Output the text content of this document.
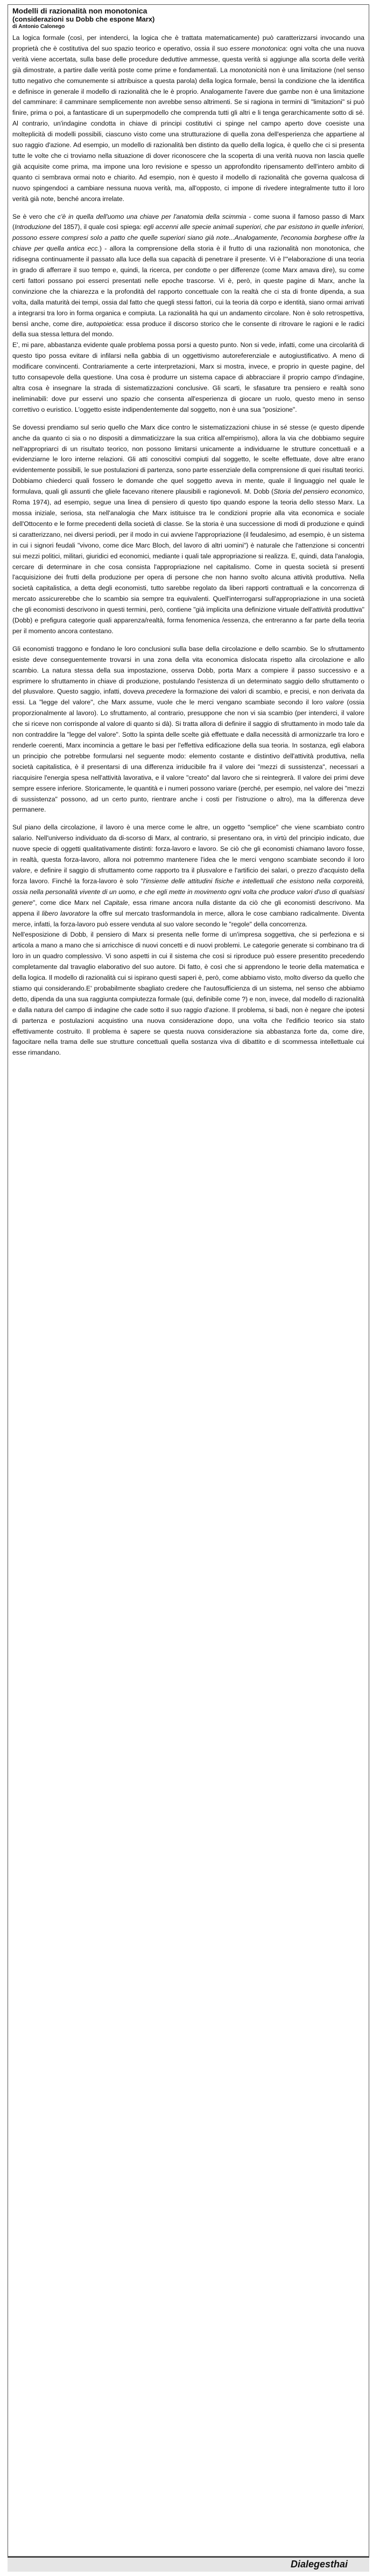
Modelli di razionalità non monotonica
(considerazioni su Dobb che espone Marx)
di Antonio Calonego

La logica formale (così, per intenderci, la logica che è trattata matematicamente) può caratterizzarsi invocando una proprietà che è costitutiva del suo spazio teorico e operativo, ossia il suo essere monotonica: ogni volta che una nuova verità viene accertata, sulla base delle procedure deduttive ammesse, questa verità si aggiunge alla scorta delle verità già dimostrate, a partire dalle verità poste come prime e fondamentali. La monotonicità non è una limitazione (nel senso tutto negativo che comunemente si attribuisce a questa parola) della logica formale, bensì la condizione che la identifica e definisce in generale il modello di razionalità che le è proprio. Analogamente l'avere due gambe non è una limitazione del camminare: il camminare semplicemente non avrebbe senso altrimenti. Se si ragiona in termini di "limitazioni" si può finire, prima o poi, a fantasticare di un superpmodello che comprenda tutti gli altri e li tenga gerarchicamente sotto di sé. Al contrario, un'indagine condotta in chiave di principi costitutivi ci spinge nel campo aperto dove coesiste una molteplicità di modelli possibili, ciascuno visto come una strutturazione di quella zona dell'esperienza che appartiene al suo raggio d'azione. Ad esempio, un modello di razionalità ben distinto da quello della logica, è quello che ci si presenta tutte le volte che ci troviamo nella situazione di dover riconoscere che la scoperta di una verità nuova non lascia quelle già acquisite come prima, ma impone una loro revisione e spesso un approfondito ripensamento dell'intero ambito di quanto ci sembrava ormai noto e chiarito. Ad esempio, non è questo il modello di razionalità che governa qualcosa di nuovo spingendoci a cambiare nessuna nuova verità, ma, all'opposto, ci impone di rivedere integralmente tutto il loro verità già note, benché ancora irrelate.

Se è vero che c'è in quella dell'uomo una chiave per l'anatomia della scimmia - come suona il famoso passo di Marx (Introduzione del 1857), il quale così spiega: egli accenni alle specie animali superiori, che par esistono in quelle inferiori, possono essere compresi solo a patto che quelle superiori siano già note...Analogamente, l'economia borghese offre la chiave per quella antica ecc.) - allora la comprensione della storia è il frutto di una razionalità non monotonica, che ridisegna continuamente il passato alla luce della sua capacità di penetrare il presente. Vi è l'"elaborazione di una teoria in grado di afferrare il suo tempo e, quindi, la ricerca, per condotte o per differenze (come Marx amava dire), su come certi fattori possano poi esserci presentati nelle epoche trascorse. Vi è, però, in queste pagine di Marx, anche la convinzione che la chiarezza e la profondità del rapporto concettuale con la realtà che ci sta di fronte dipenda, a sua volta, dalla maturità dei tempi, ossia dal fatto che quegli stessi fattori, cui la teoria dà corpo e identità, siano ormai arrivati a integrarsi tra loro in forma organica e compiuta. La razionalità ha qui un andamento circolare. Non è solo retrospettiva, bensì anche, come dire, autopoietica: essa produce il discorso storico che le consente di ritrovare le ragioni e le radici della sua stessa lettura del mondo.
E', mi pare, abbastanza evidente quale problema possa porsi a questo punto. Non si vede, infatti, come una circolarità di questo tipo possa evitare di infilarsi nella gabbia di un oggettivismo autoreferenziale e autogiustificativo. A meno di modificare convincenti. Contrariamente a certe interpretazioni, Marx si mostra, invece, e proprio in queste pagine, del tutto consapevole della questione. Una cosa è produrre un sistema capace di abbracciare il proprio campo d'indagine, altra cosa è insegnare la strada di sistematizzazioni conclusive. Gli scarti, le sfasature tra pensiero e realtà sono ineliminabili: dove pur esservi uno spazio che consenta all'esperienza di giocare un ruolo, questo meno in senso correttivo o euristico. L'oggetto esiste indipendentemente dal soggetto, non è una sua "posizione".

Se dovessi prendiamo sul serio quello che Marx dice contro le sistematizzazioni chiuse in sé stesse (e questo dipende anche da quanto ci sia o no dispositi a dimmaticizzare la sua critica all'empirismo), allora la via che dobbiamo seguire nell'appropriarci di un risultato teorico, non possono limitarsi unicamente a individuarne le strutture concettuali e a evidenziarne le loro interne relazioni. Gli atti conoscitivi compiuti dal soggetto, le scelte effettuate, dove altre erano evidentemente possibili, le sue postulazioni di partenza, sono parte essenziale della comprensione di quei risultati teorici. Dobbiamo chiederci quali fossero le domande che quel soggetto aveva in mente, quale il linguaggio nel quale le formulava, quali gli assunti che gliele facevano ritenere plausibili e ragionevoli. M. Dobb (Storia del pensiero economico, Roma 1974), ad esempio, segue una linea di pensiero di questo tipo quando espone la teoria dello stesso Marx. La mossa iniziale, seriosa, sta nell'analogia che Marx istituisce tra le condizioni proprie alla vita economica e sociale dell'Ottocento e le forme precedenti della società di classe. Se la storia è una successione di modi di produzione e quindi si caratterizzano, nei diversi periodi, per il modo in cui avviene l'appropriazione (il feudalesimo, ad esempio, è un sistema in cui i signori feudali "vivono, come dice Marc Bloch, del lavoro di altri uomini") è naturale che l'attenzione si concentri sui mezzi politici, militari, giuridici ed economici, mediante i quali tale appropriazione si realizza. E, quindi, data l'analogia, cercare di determinare in che cosa consista l'appropriazione nel capitalismo. Come in questa società si presenti l'acquisizione dei frutti della produzione per opera di persone che non hanno svolto alcuna attività produttiva. Nella società capitalistica, a detta degli economisti, tutto sarebbe regolato da liberi rapporti contrattuali e la concorrenza di mercato assicurerebbe che lo scambio sia sempre tra equivalenti. Quell'interrogarsi sull'appropriazione in una società che gli economisti descrivono in questi termini, però, contiene "già implicita una definizione virtuale dell'attività produttiva" (Dobb) e prefigura categorie quali apparenza/realtà, forma fenomenica /essenza, che entreranno a far parte della teoria per il momento ancora contestano.

Gli economisti traggono e fondano le loro conclusioni sulla base della circolazione e dello scambio. Se lo sfruttamento esiste deve conseguentemente trovarsi in una zona della vita economica dislocata rispetto alla circolazione e allo scambio. La natura stessa della sua impostazione, osserva Dobb, porta Marx a compiere il passo successivo e a esprimere lo sfruttamento in chiave di produzione, postulando l'esistenza di un determinato saggio dello sfruttamento o del plusvalore. Questo saggio, infatti, doveva precedere la formazione dei valori di scambio, e precisi, e non derivata da essi. La "legge del valore", che Marx assume, vuole che le merci vengano scambiate secondo il loro valore (ossia proporzionalmente al lavoro). Lo sfruttamento, al contrario, presuppone che non vi sia scambio (per intenderci, il valore che si riceve non corrisponde al valore di quanto si dà). Si tratta allora di definire il saggio di sfruttamento in modo tale da non contraddire la "legge del valore". Sotto la spinta delle scelte già effettuate e dalla necessità di armonizzarle tra loro e renderle coerenti, Marx incomincia a gettare le basi per l'effettiva edificazione della sua teoria. In sostanza, egli elabora un principio che potrebbe formularsi nel seguente modo: elemento costante e distintivo dell'attività produttiva, nella società capitalistica, è il presentarsi di una differenza irriducibile fra il valore dei "mezzi di sussistenza", necessari a riacquisire l'energia spesa nell'attività lavorativa, e il valore "creato" dal lavoro che si reintegrerà. Il valore dei primi deve sempre essere inferiore. Storicamente, le quantità e i numeri possono variare (perché, per esempio, nel valore dei "mezzi di sussistenza" possono, ad un certo punto, rientrare anche i costi per l'istruzione o altro), ma la differenza deve permanere.

Sul piano della circolazione, il lavoro è una merce come le altre, un oggetto "semplice" che viene scambiato contro salario. Nell'universo individuato da di-scorso di Marx, al contrario, si presentano ora, in virtù del principio indicato, due nuove specie di oggetti qualitativamente distinti: forza-lavoro e lavoro. Se ciò che gli economisti chiamano lavoro fosse, in realtà, questa forza-lavoro, allora noi potremmo mantenere l'idea che le merci vengono scambiate secondo il loro valore, e definire il saggio di sfruttamento come rapporto tra il plusvalore e l'artificio dei salari, o prezzo d'acquisto della forza lavoro. Finché la forza-lavoro è solo "l'insieme delle attitudini fisiche e intellettuali che esistono nella corporeità, ossia nella personalità vivente di un uomo, e che egli mette in movimento ogni volta che produce valori d'uso di qualsiasi genere", come dice Marx nel Capitale, essa rimane ancora nulla distante da ciò che gli economisti descrivono. Ma appena il libero lavoratore la offre sul mercato trasformandola in merce, allora le cose cambiano radicalmente. Diventa merce, infatti, la forza-lavoro può essere venduta al suo valore secondo le "regole" della concorrenza.
Nell'esposizione di Dobb, il pensiero di Marx si presenta nelle forme di un'impresa soggettiva, che si perfeziona e si articola a mano a mano che si arricchisce di nuovi concetti e di nuovi problemi. Le categorie generate si combinano tra di loro in un quadro complessivo. Vi sono aspetti in cui il sistema che così si riproduce può essere presentito precedendo completamente dal travaglio elaborativo del suo autore. Di fatto, è così che si apprendono le teorie della matematica e della logica. Il modello di razionalità cui si ispirano questi saperi è, però, come abbiamo visto, molto diverso da quello che stiamo qui considerando.E' probabilmente sbagliato credere che l'autosufficienza di un sistema, nel senso che abbiamo detto, dipenda da una sua raggiunta compiutezza formale (qui, definibile come ?) e non, invece, dal modello di razionalità e dalla natura del campo di indagine che cade sotto il suo raggio d'azione. Il problema, si badi, non è negare che ipotesi di partenza e postulazioni acquistino una nuova considerazione dopo, una volta che l'edificio teorico sia stato effettivamente costruito. Il problema è sapere se questa nuova considerazione sia abbastanza forte da, come dire, fagocitare nella trama delle sue strutture concettuali quella sostanza viva di dibattito e di scommessa intellettuale cui esse rimandano.

Dialegesthai
